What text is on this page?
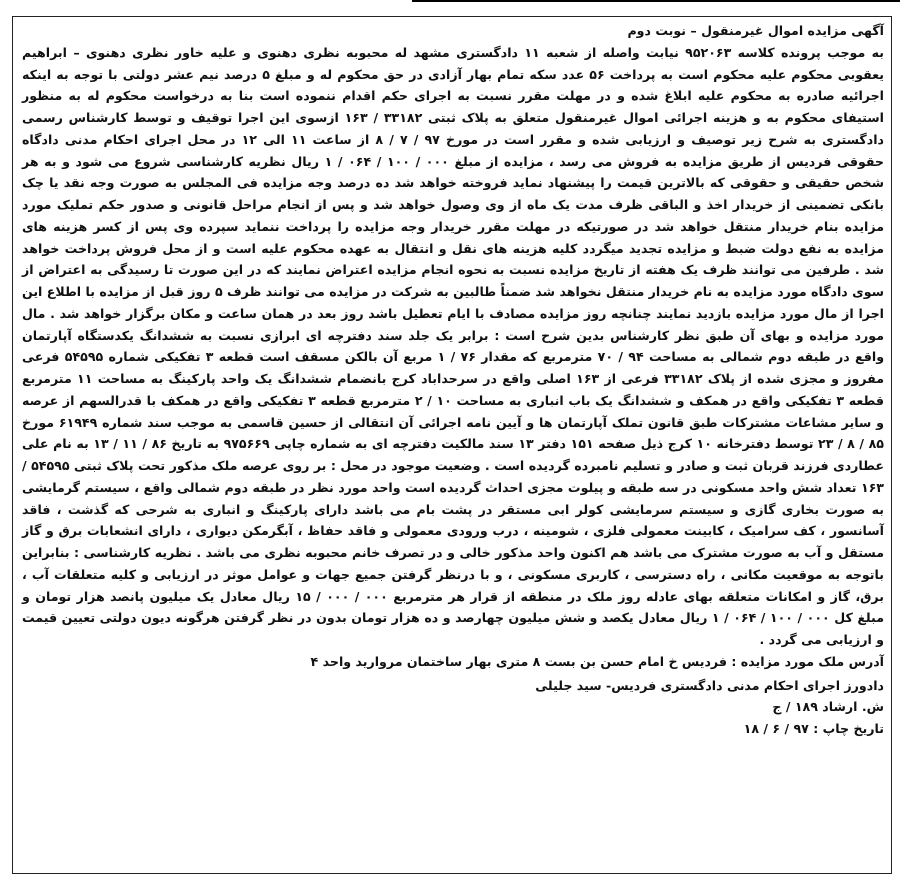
آگهی مزایده اموال غیرمنقول – نوبت دوم

به موجب پرونده کلاسه ۹۵۲۰۶۳ نیابت واصله از شعبه ۱۱ دادگستری مشهد له محبوبه نظری دهنوی و علیه خاور نظری دهنوی – ابراهیم یعقوبی محکوم علیه محکوم است به پرداخت ۵۶ عدد سکه تمام بهار آزادی در حق محکوم له و مبلغ ۵ درصد نیم عشر دولتی با توجه به اینکه اجرائیه صادره به محکوم علیه ابلاغ شده و در مهلت مقرر نسبت به اجرای حکم اقدام ننموده است بنا به درخواست محکوم له به منظور استیفای محکوم به و هزینه اجرائی اموال غیرمنقول متعلق به پلاک ثبتی ۳۳۱۸۲ / ۱۶۳ ازسوی این اجرا توقیف و توسط کارشناس رسمی دادگستری به شرح زیر توصیف و ارزیابی شده و مقرر است در مورخ ۹۷ / ۷ / ۸ از ساعت ۱۱ الی ۱۲ در محل اجرای احکام مدنی دادگاه حقوقی فردیس از طریق مزایده به فروش می رسد ، مزایده از مبلغ ۰۰۰ / ۱۰۰ / ۰۶۴ / ۱ ریال نظریه کارشناسی شروع می شود و به هر شخص حقیقی و حقوقی که بالاترین قیمت را پیشنهاد نماید فروخته خواهد شد ده درصد وجه مزایده فی المجلس به صورت وجه نقد یا چک بانکی تضمینی از خریدار اخذ و الباقی ظرف مدت یک ماه از وی وصول خواهد شد و پس از انجام مراحل قانونی و صدور حکم تملیک مورد مزایده بنام خریدار منتقل خواهد شد در صورتیکه در مهلت مقرر خریدار وجه مزایده را پرداخت ننماید سپرده وی پس از کسر هزینه های مزایده به نفع دولت ضبط و مزایده تجدید میگردد کلیه هزینه های نقل و انتقال به عهده محکوم علیه است و از محل فروش پرداخت خواهد شد . طرفین می توانند ظرف یک هفته از تاریخ مزایده نسبت به نحوه انجام مزایده اعتراض نمایند که در این صورت تا رسیدگی به اعتراض از سوی دادگاه مورد مزایده به نام خریدار منتقل نخواهد شد ضمناً طالبین به شرکت در مزایده می توانند ظرف ۵ روز قبل از مزایده با اطلاع این اجرا از مال مورد مزایده بازدید نمایند چنانچه روز مزایده مصادف با ایام تعطیل باشد روز بعد در همان ساعت و مکان برگزار خواهد شد . مال مورد مزایده و بهای آن طبق نظر کارشناس بدین شرح است : برابر یک جلد سند دفترچه ای ابرازی نسبت به ششدانگ یکدستگاه آپارتمان واقع در طبقه دوم شمالی به مساحت ۹۴ / ۷۰ مترمربع که مقدار ۷۶ / ۱ مربع آن بالکن مسقف است قطعه ۳ تفکیکی شماره ۵۴۵۹۵ فرعی مفروز و مجزی شده از پلاک ۳۳۱۸۲ فرعی از ۱۶۳ اصلی واقع در سرحداباد کرج بانضمام ششدانگ یک واحد پارکینگ به مساحت ۱۱ مترمربع قطعه ۳ تفکیکی واقع در همکف و ششدانگ یک باب انباری به مساحت ۱۰ / ۲ مترمربع قطعه ۳ تفکیکی واقع در همکف با قدرالسهم از عرصه و سایر مشاعات مشترکات طبق قانون تملک آپارتمان ها و آیین نامه اجرائی آن انتقالی از حسین قاسمی به موجب سند شماره ۶۱۹۴۹ مورخ ۸۵ / ۸ / ۲۳ توسط دفترخانه ۱۰ کرج ذیل صفحه ۱۵۱ دفتر ۱۳ سند مالکیت دفترچه ای به شماره چاپی ۹۷۵۶۶۹ به تاریخ ۸۶ / ۱۱ / ۱۳ به نام علی عطاردی فرزند قربان ثبت و صادر و تسلیم نامبرده گردیده است . وضعیت موجود در محل : بر روی عرصه ملک مذکور تحت پلاک ثبتی ۵۴۵۹۵ / ۱۶۳ تعداد شش واحد مسکونی در سه طبقه و پیلوت مجزی احداث گردیده است واحد مورد نظر در طبقه دوم شمالی واقع ، سیستم گرمایشی به صورت بخاری گازی و سیستم سرمایشی کولر ابی مستقر در پشت بام می باشد دارای پارکینگ و انباری به شرحی که گذشت ، فاقد آسانسور ، کف سرامیک ، کابینت معمولی فلزی ، شومینه ، درب ورودی معمولی و فاقد حفاظ ، آبگرمکن دیواری ، دارای انشعابات برق و گاز مستقل و آب به صورت مشترک می باشد هم اکنون واحد مذکور خالی و در تصرف خانم محبوبه نظری می باشد . نظریه کارشناسی : بنابراین باتوجه به موقعیت مکانی ، راه دسترسی ، کاربری مسکونی ، و با درنظر گرفتن جمیع جهات و عوامل موثر در ارزیابی و کلیه متعلقات آب ، برق، گاز و امکانات متعلقه بهای عادله روز ملک در منطقه از قرار هر مترمربع ۰۰۰ / ۰۰۰ / ۱۵ ریال معادل یک میلیون پانصد هزار تومان و مبلغ کل ۰۰۰ / ۱۰۰ / ۰۶۴ / ۱ ریال معادل یکصد و شش میلیون چهارصد و ده هزار تومان بدون در نظر گرفتن هرگونه دیون دولتی تعیین قیمت و ارزیابی می گردد .

آدرس ملک مورد مزایده : فردیس خ امام حسن بن بست ۸ متری بهار ساختمان مروارید واحد ۴

دادورز اجرای احکام مدنی دادگستری فردیس- سید جلیلی

ش. ارشاد ۱۸۹ / ج

تاریخ چاپ : ۹۷ / ۶ / ۱۸
